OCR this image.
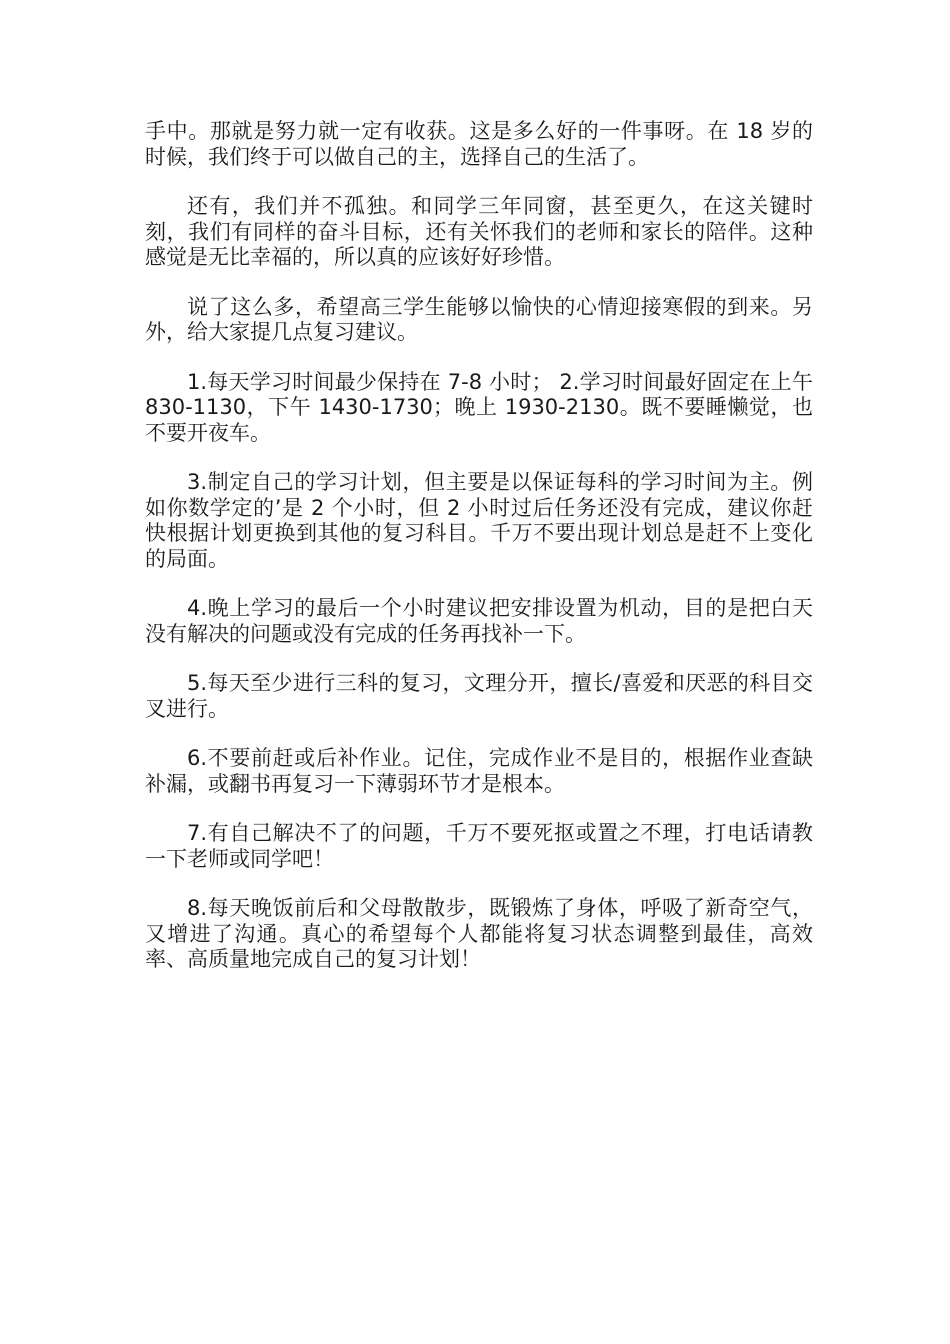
手中。那就是努力就一定有收获。这是多么好的一件事呀。在 18 岁的时候，我们终于可以做自己的主，选择自己的生活了。

还有，我们并不孤独。和同学三年同窗，甚至更久，在这关键时刻，我们有同样的奋斗目标，还有关怀我们的老师和家长的陪伴。这种感觉是无比幸福的，所以真的应该好好珍惜。

说了这么多，希望高三学生能够以愉快的心情迎接寒假的到来。另外，给大家提几点复习建议。

1.每天学习时间最少保持在 7-8 小时； 2.学习时间最好固定在上午 830-1130，下午 1430-1730；晚上 1930-2130。既不要睡懒觉，也不要开夜车。

3.制定自己的学习计划，但主要是以保证每科的学习时间为主。例如你数学定的’是 2 个小时，但 2 小时过后任务还没有完成，建议你赶快根据计划更换到其他的复习科目。千万不要出现计划总是赶不上变化的局面。

4.晚上学习的最后一个小时建议把安排设置为机动，目的是把白天没有解决的问题或没有完成的任务再找补一下。

5.每天至少进行三科的复习，文理分开，擅长/喜爱和厌恶的科目交叉进行。

6.不要前赶或后补作业。记住，完成作业不是目的，根据作业查缺补漏，或翻书再复习一下薄弱环节才是根本。

7.有自己解决不了的问题，千万不要死抠或置之不理，打电话请教一下老师或同学吧！

8.每天晚饭前后和父母散散步，既锻炼了身体，呼吸了新奇空气，又增进了沟通。真心的希望每个人都能将复习状态调整到最佳，高效率、高质量地完成自己的复习计划！
